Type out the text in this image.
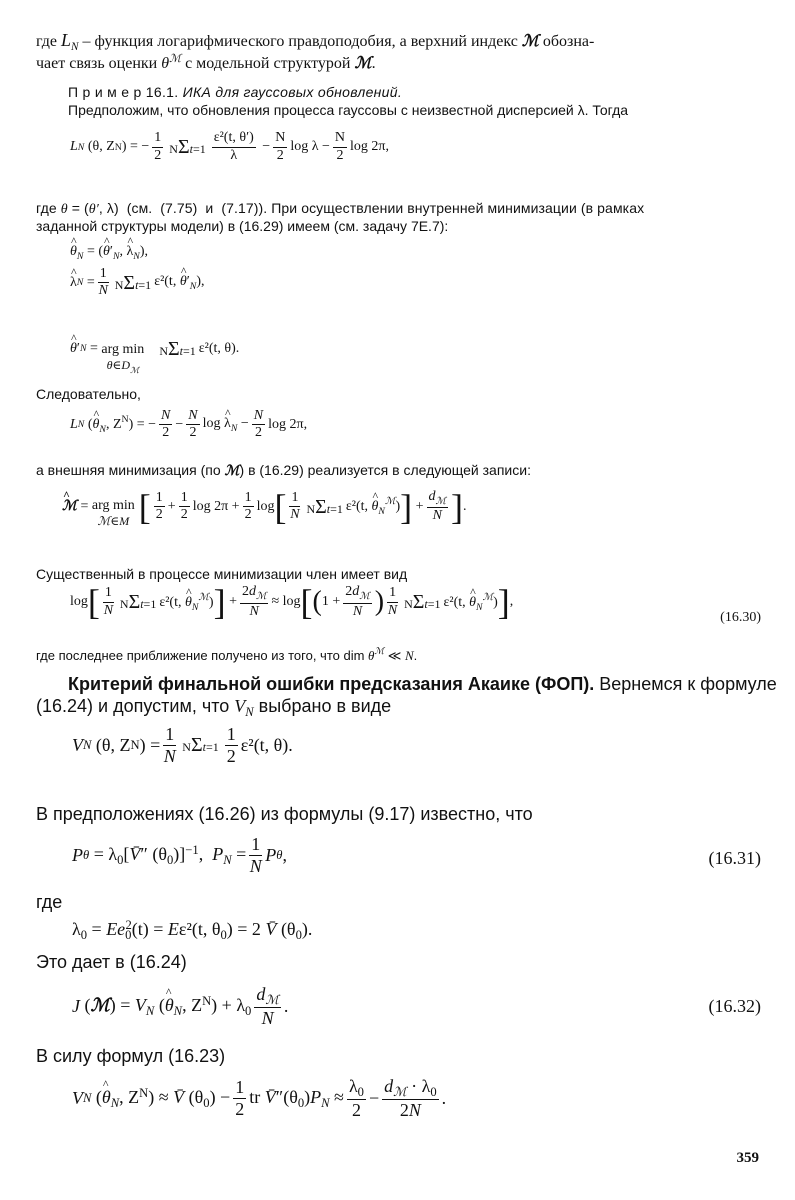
где $L_N$ – функция логарифмического правдоподобия, а верхний индекс ℳ обозна-
чает связь оценки $\theta^ℳ$ с модельной структурой ℳ.
П р и м е р 16.1. ИКА для гауссовых обновлений.
Предположим, что обновления процесса гауссовы с неизвестной дисперсией λ. Тогда
L N (θ, Z N ) = − $\frac{1}{2} N\Sigma t=1$
ε²(t, θ′)
λ
− $\frac{N}{2}$ $\log \lambda - \frac{N}{2}$ log 2π,
где θ = (θ′, λ)  (см.  (7.75)  и  (7.17)). При осуществлении внутренней минимизации (в рамках
заданной структуры модели) в (16.29) имеем (см. задачу 7Е.7):
^ $\theta_N$ = (^ $\theta'_N$, ^ $\lambda_N$),
^ λ $N = \frac{1}{N} N\Sigma t=1$ ε²(t, ^ $\theta'_N$),
^ θ ′ N = arg min
$\theta\in D_ℳ$
NΣt=1 ε²(t, θ).
Следовательно,
L N (^ $\theta_N$, $Z^N$) = − $\frac{N}{2} - \frac{N}{2}$ log ^ $\lambda_N - \frac{N}{2}$ log 2π,
а внешняя минимизация (по ℳ) в (16.29) реализуется в следующей записи:
^ ℳ = arg min
ℳ∈M [ 1
2
+ $\frac{1}{2}$ $\log 2\pi + \frac{1}{2}$ log [ 1
N NΣt=1 ε²(t, ^ $\theta_N^ℳ$) ] +
$d_ℳ$
N ] .
Существенный в процессе минимизации член имеет вид
log [ 1
N NΣt=1 ε²(t, ^ $\theta_N^ℳ$) ] +
$2d_ℳ$
N
≈ log [ ( 1 +
$2d_ℳ$
N ) 1
N NΣt=1 ε²(t, ^ $\theta_N^ℳ$) ] ,
(16.30)
где последнее приближение получено из того, что dim $\theta^ℳ$ ≪ N.
Критерий финальной ошибки предсказания Акаике (ФОП). Вернемся к формуле
(16.24) и допустим, что $V_N$ выбрано в виде
V N (θ, Z N ) = $\frac{1}{N} N\Sigma t=1$
1
2
ε²(t, θ).
В предположениях (16.26) из формулы (9.17) известно, что
P $\theta = \lambda_0[V̄''$ $(\theta_0)]^{-1}$,  $P_N = \frac{1}{N}$ P θ ,	(16.31)
где
$\lambda_0 = Ee_0^2(t) = E\varepsilon^2(t$, $\theta_0) = 2$ V̄ $(\theta_0)$.
Это дает в (16.24)
J (ℳ) = $V_N$ (^ $\theta_N$, $Z^N) + \lambda_0$
$d_ℳ$
N
.	(16.32)
В силу формул (16.23)
V N (^ $\theta_N$, $Z^N$) ≈ V̄ $(\theta_0) - \frac{1}{2}$ tr $V̄''(\theta_0)P_N \approx \frac{\lambda_0}{2}$ −
$d_ℳ \cdot \lambda_0$
2N
.
359
